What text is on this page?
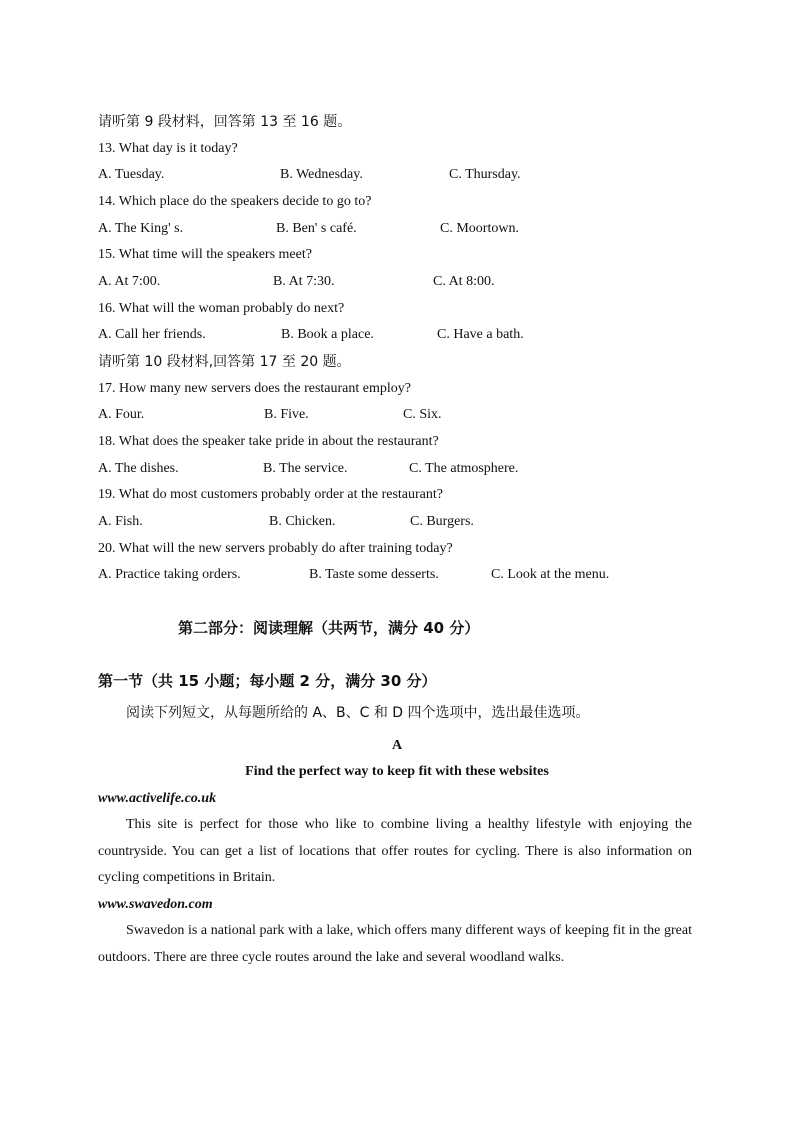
请听第 9 段材料，回答第 13 至 16 题。
13. What day is it today?
A. Tuesday.	B. Wednesday.	C. Thursday.
14. Which place do the speakers decide to go to?
A. The King' s.	B. Ben' s café.	C. Moortown.
15. What time will the speakers meet?
A. At 7:00.	B. At 7:30.	C. At 8:00.
16. What will the woman probably do next?
A. Call her friends.	B. Book a place.	C. Have a bath.
请听第 10 段材料,回答第 17 至 20 题。
17. How many new servers does the restaurant employ?
A. Four.	B. Five.	C. Six.
18. What does the speaker take pride in about the restaurant?
A. The dishes.	B. The service.	C. The atmosphere.
19. What do most customers probably order at the restaurant?
A. Fish.	B. Chicken.	C. Burgers.
20. What will the new servers probably do after training today?
A. Practice taking orders.	B. Taste some desserts.	C. Look at the menu.
第二部分：阅读理解（共两节，满分 40 分）
第一节（共 15 小题；每小题 2 分，满分 30 分）
阅读下列短文，从每题所给的 A、B、C 和 D 四个选项中，选出最佳选项。
A
Find the perfect way to keep fit with these websites
www.activelife.co.uk

This site is perfect for those who like to combine living a healthy lifestyle with enjoying the countryside. You can get a list of locations that offer routes for cycling. There is also information on cycling competitions in Britain.

www.swavedon.com

Swavedon is a national park with a lake, which offers many different ways of keeping fit in the great outdoors. There are three cycle routes around the lake and several woodland walks.
